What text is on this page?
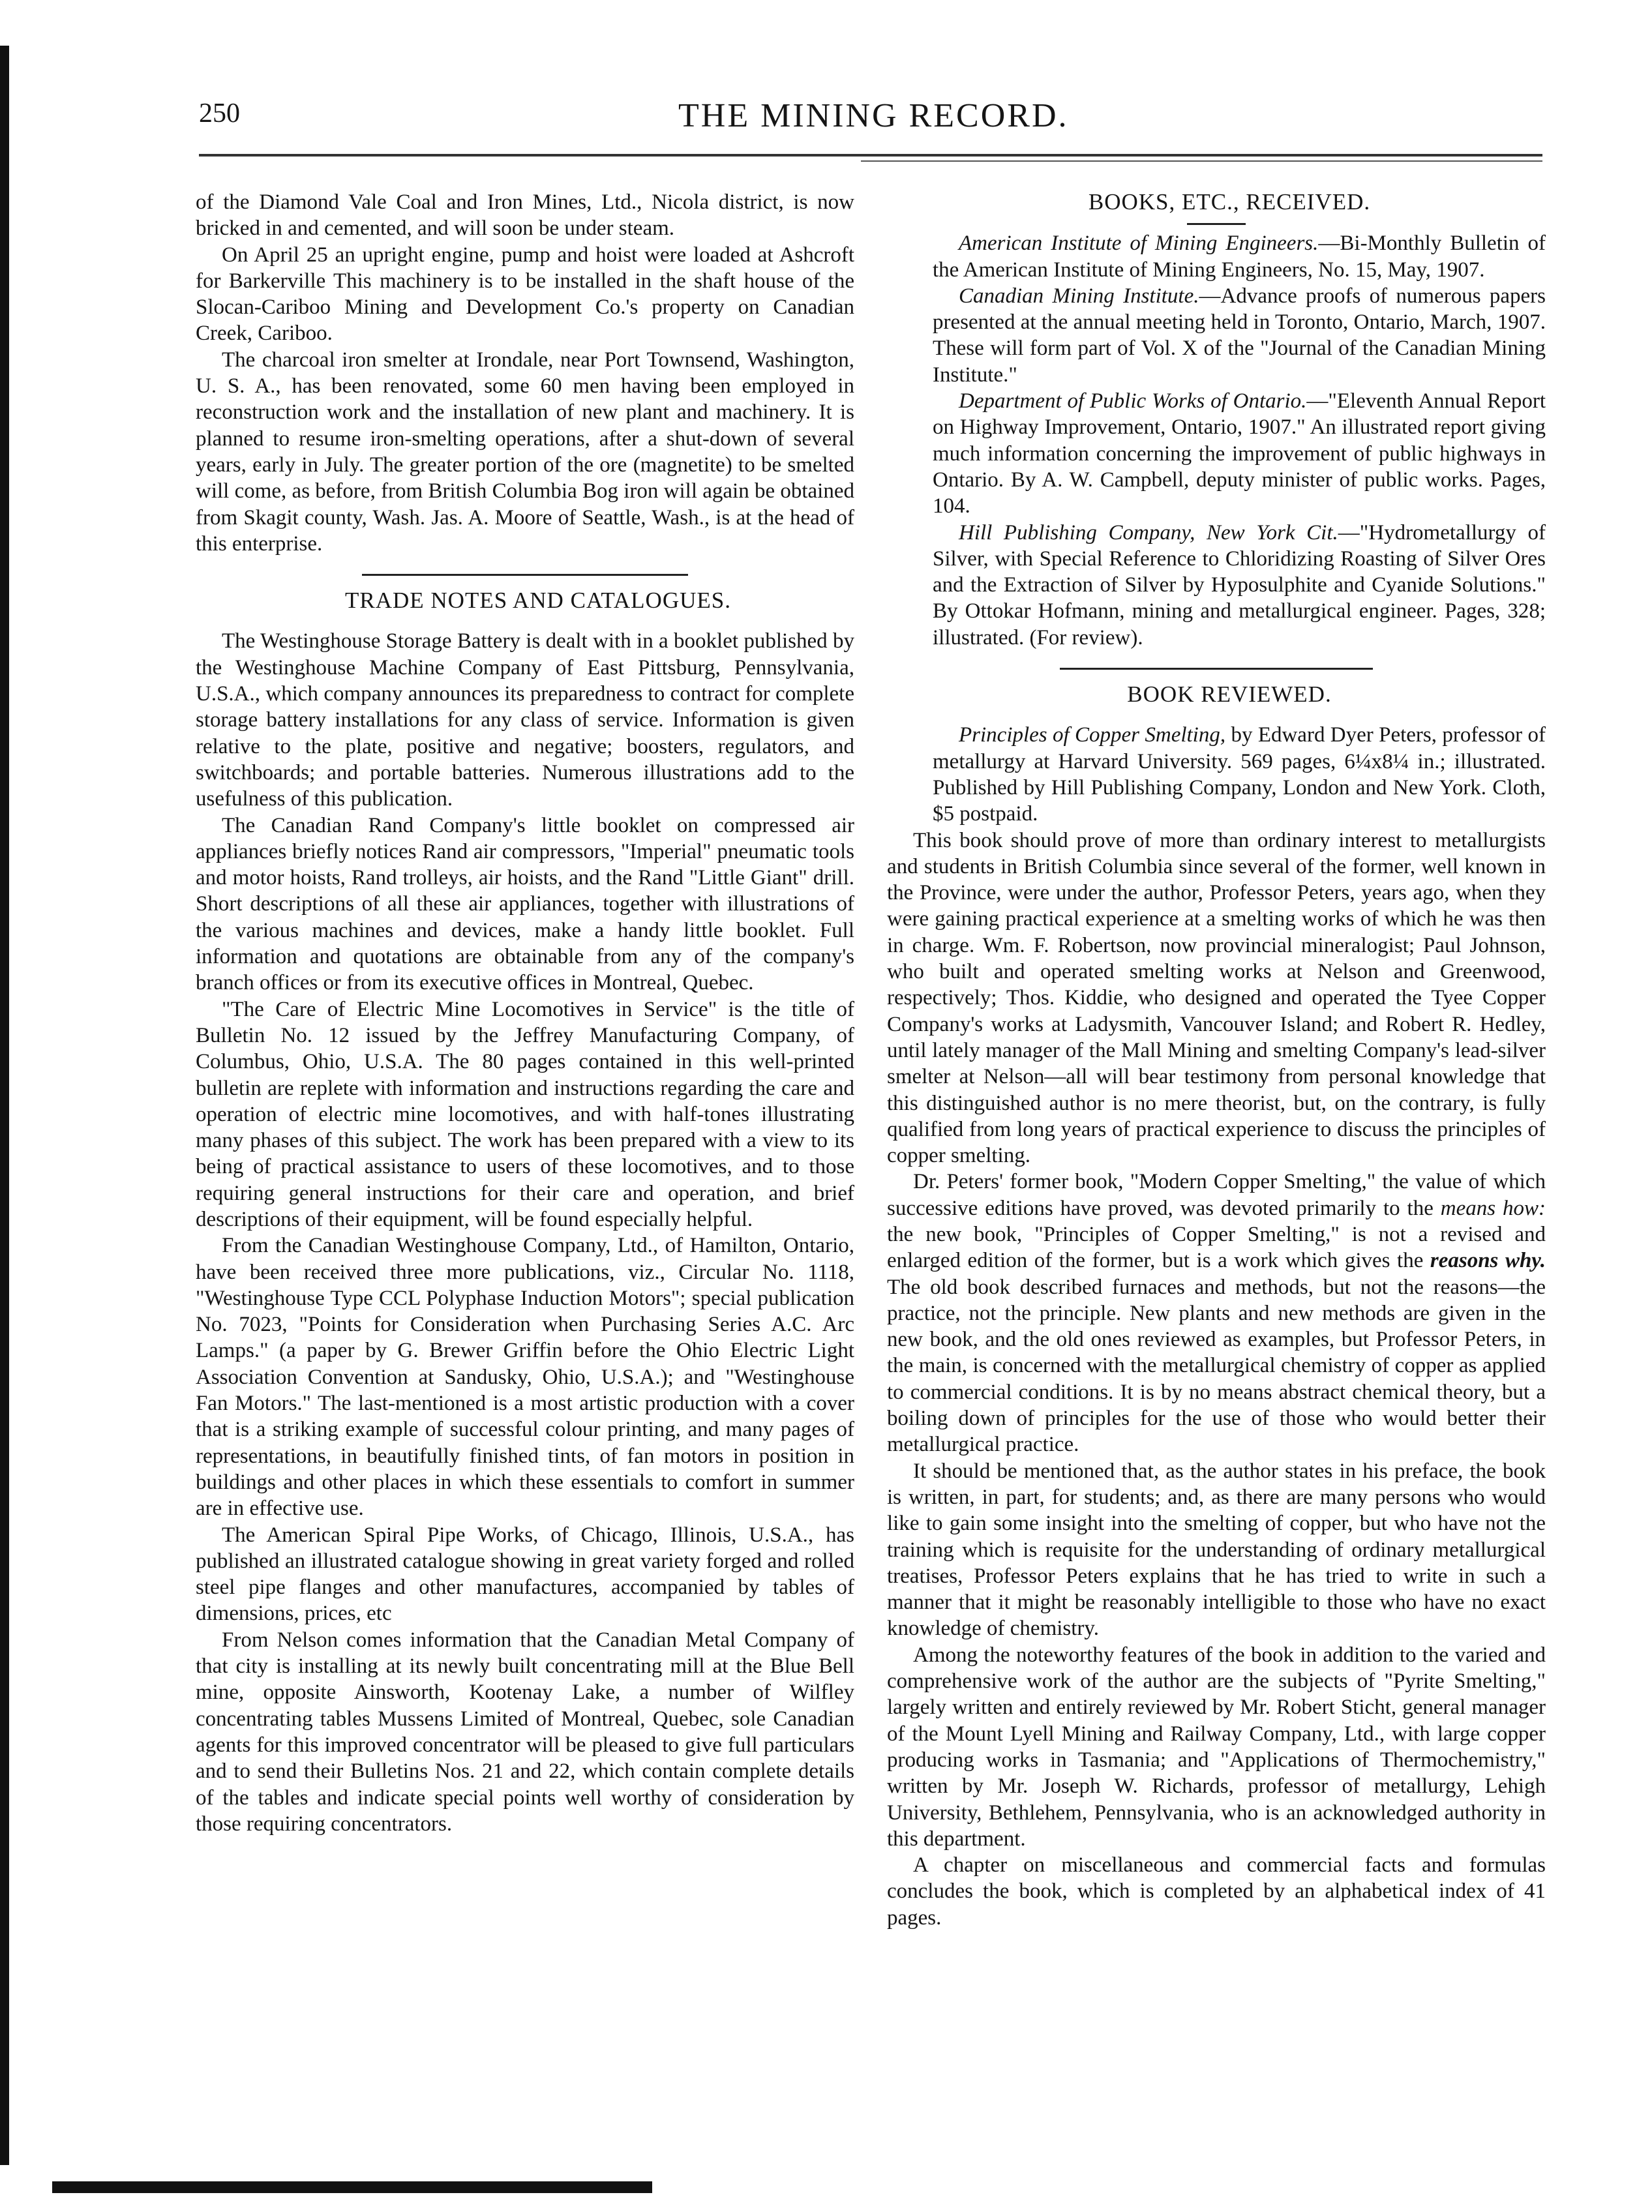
250	THE MINING RECORD.

of the Diamond Vale Coal and Iron Mines, Ltd., Nicola district, is now bricked in and cemented, and will soon be under steam.

On April 25 an upright engine, pump and hoist were loaded at Ashcroft for Barkerville This machinery is to be installed in the shaft house of the Slocan-Cariboo Mining and Development Co.'s property on Canadian Creek, Cariboo.

The charcoal iron smelter at Irondale, near Port Townsend, Washington, U. S. A., has been renovated, some 60 men having been employed in reconstruction work and the installation of new plant and machinery. It is planned to resume iron-smelting operations, after a shut-down of several years, early in July. The greater portion of the ore (magnetite) to be smelted will come, as before, from British Columbia Bog iron will again be obtained from Skagit county, Wash. Jas. A. Moore of Seattle, Wash., is at the head of this enterprise.

TRADE NOTES AND CATALOGUES.

The Westinghouse Storage Battery is dealt with in a booklet published by the Westinghouse Machine Company of East Pittsburg, Pennsylvania, U.S.A., which company announces its preparedness to contract for complete storage battery installations for any class of service. Information is given relative to the plate, positive and negative; boosters, regulators, and switchboards; and portable batteries. Numerous illustrations add to the usefulness of this publication.

The Canadian Rand Company's little booklet on compressed air appliances briefly notices Rand air compressors, "Imperial" pneumatic tools and motor hoists, Rand trolleys, air hoists, and the Rand "Little Giant" drill. Short descriptions of all these air appliances, together with illustrations of the various machines and devices, make a handy little booklet. Full information and quotations are obtainable from any of the company's branch offices or from its executive offices in Montreal, Quebec.

"The Care of Electric Mine Locomotives in Service" is the title of Bulletin No. 12 issued by the Jeffrey Manufacturing Company, of Columbus, Ohio, U.S.A. The 80 pages contained in this well-printed bulletin are replete with information and instructions regarding the care and operation of electric mine locomotives, and with half-tones illustrating many phases of this subject. The work has been prepared with a view to its being of practical assistance to users of these locomotives, and to those requiring general instructions for their care and operation, and brief descriptions of their equipment, will be found especially helpful.

From the Canadian Westinghouse Company, Ltd., of Hamilton, Ontario, have been received three more publications, viz., Circular No. 1118, "Westinghouse Type CCL Polyphase Induction Motors"; special publication No. 7023, "Points for Consideration when Purchasing Series A.C. Arc Lamps." (a paper by G. Brewer Griffin before the Ohio Electric Light Association Convention at Sandusky, Ohio, U.S.A.); and "Westinghouse Fan Motors." The last-mentioned is a most artistic production with a cover that is a striking example of successful colour printing, and many pages of representations, in beautifully finished tints, of fan motors in position in buildings and other places in which these essentials to comfort in summer are in effective use.

The American Spiral Pipe Works, of Chicago, Illinois, U.S.A., has published an illustrated catalogue showing in great variety forged and rolled steel pipe flanges and other manufactures, accompanied by tables of dimensions, prices, etc

From Nelson comes information that the Canadian Metal Company of that city is installing at its newly built concentrating mill at the Blue Bell mine, opposite Ainsworth, Kootenay Lake, a number of Wilfley concentrating tables Mussens Limited of Montreal, Quebec, sole Canadian agents for this improved concentrator will be pleased to give full particulars and to send their Bulletins Nos. 21 and 22, which contain complete details of the tables and indicate special points well worthy of consideration by those requiring concentrators.

BOOKS, ETC., RECEIVED.

American Institute of Mining Engineers.—Bi-Monthly Bulletin of the American Institute of Mining Engineers, No. 15, May, 1907.

Canadian Mining Institute.—Advance proofs of numerous papers presented at the annual meeting held in Toronto, Ontario, March, 1907. These will form part of Vol. X of the "Journal of the Canadian Mining Institute."

Department of Public Works of Ontario.—"Eleventh Annual Report on Highway Improvement, Ontario, 1907." An illustrated report giving much information concerning the improvement of public highways in Ontario. By A. W. Campbell, deputy minister of public works. Pages, 104.

Hill Publishing Company, New York Cit.—"Hydrometallurgy of Silver, with Special Reference to Chloridizing Roasting of Silver Ores and the Extraction of Silver by Hyposulphite and Cyanide Solutions." By Ottokar Hofmann, mining and metallurgical engineer. Pages, 328; illustrated. (For review).

BOOK REVIEWED.

Principles of Copper Smelting, by Edward Dyer Peters, professor of metallurgy at Harvard University. 569 pages, 6¼x8¼ in.; illustrated. Published by Hill Publishing Company, London and New York. Cloth, $5 postpaid.

This book should prove of more than ordinary interest to metallurgists and students in British Columbia since several of the former, well known in the Province, were under the author, Professor Peters, years ago, when they were gaining practical experience at a smelting works of which he was then in charge. Wm. F. Robertson, now provincial mineralogist; Paul Johnson, who built and operated smelting works at Nelson and Greenwood, respectively; Thos. Kiddie, who designed and operated the Tyee Copper Company's works at Ladysmith, Vancouver Island; and Robert R. Hedley, until lately manager of the Mall Mining and smelting Company's lead-silver smelter at Nelson—all will bear testimony from personal knowledge that this distinguished author is no mere theorist, but, on the contrary, is fully qualified from long years of practical experience to discuss the principles of copper smelting.

Dr. Peters' former book, "Modern Copper Smelting," the value of which successive editions have proved, was devoted primarily to the means how: the new book, "Principles of Copper Smelting," is not a revised and enlarged edition of the former, but is a work which gives the reasons why. The old book described furnaces and methods, but not the reasons—the practice, not the principle. New plants and new methods are given in the new book, and the old ones reviewed as examples, but Professor Peters, in the main, is concerned with the metallurgical chemistry of copper as applied to commercial conditions. It is by no means abstract chemical theory, but a boiling down of principles for the use of those who would better their metallurgical practice.

It should be mentioned that, as the author states in his preface, the book is written, in part, for students; and, as there are many persons who would like to gain some insight into the smelting of copper, but who have not the training which is requisite for the understanding of ordinary metallurgical treatises, Professor Peters explains that he has tried to write in such a manner that it might be reasonably intelligible to those who have no exact knowledge of chemistry.

Among the noteworthy features of the book in addition to the varied and comprehensive work of the author are the subjects of "Pyrite Smelting," largely written and entirely reviewed by Mr. Robert Sticht, general manager of the Mount Lyell Mining and Railway Company, Ltd., with large copper producing works in Tasmania; and "Applications of Thermochemistry," written by Mr. Joseph W. Richards, professor of metallurgy, Lehigh University, Bethlehem, Pennsylvania, who is an acknowledged authority in this department.

A chapter on miscellaneous and commercial facts and formulas concludes the book, which is completed by an alphabetical index of 41 pages.
